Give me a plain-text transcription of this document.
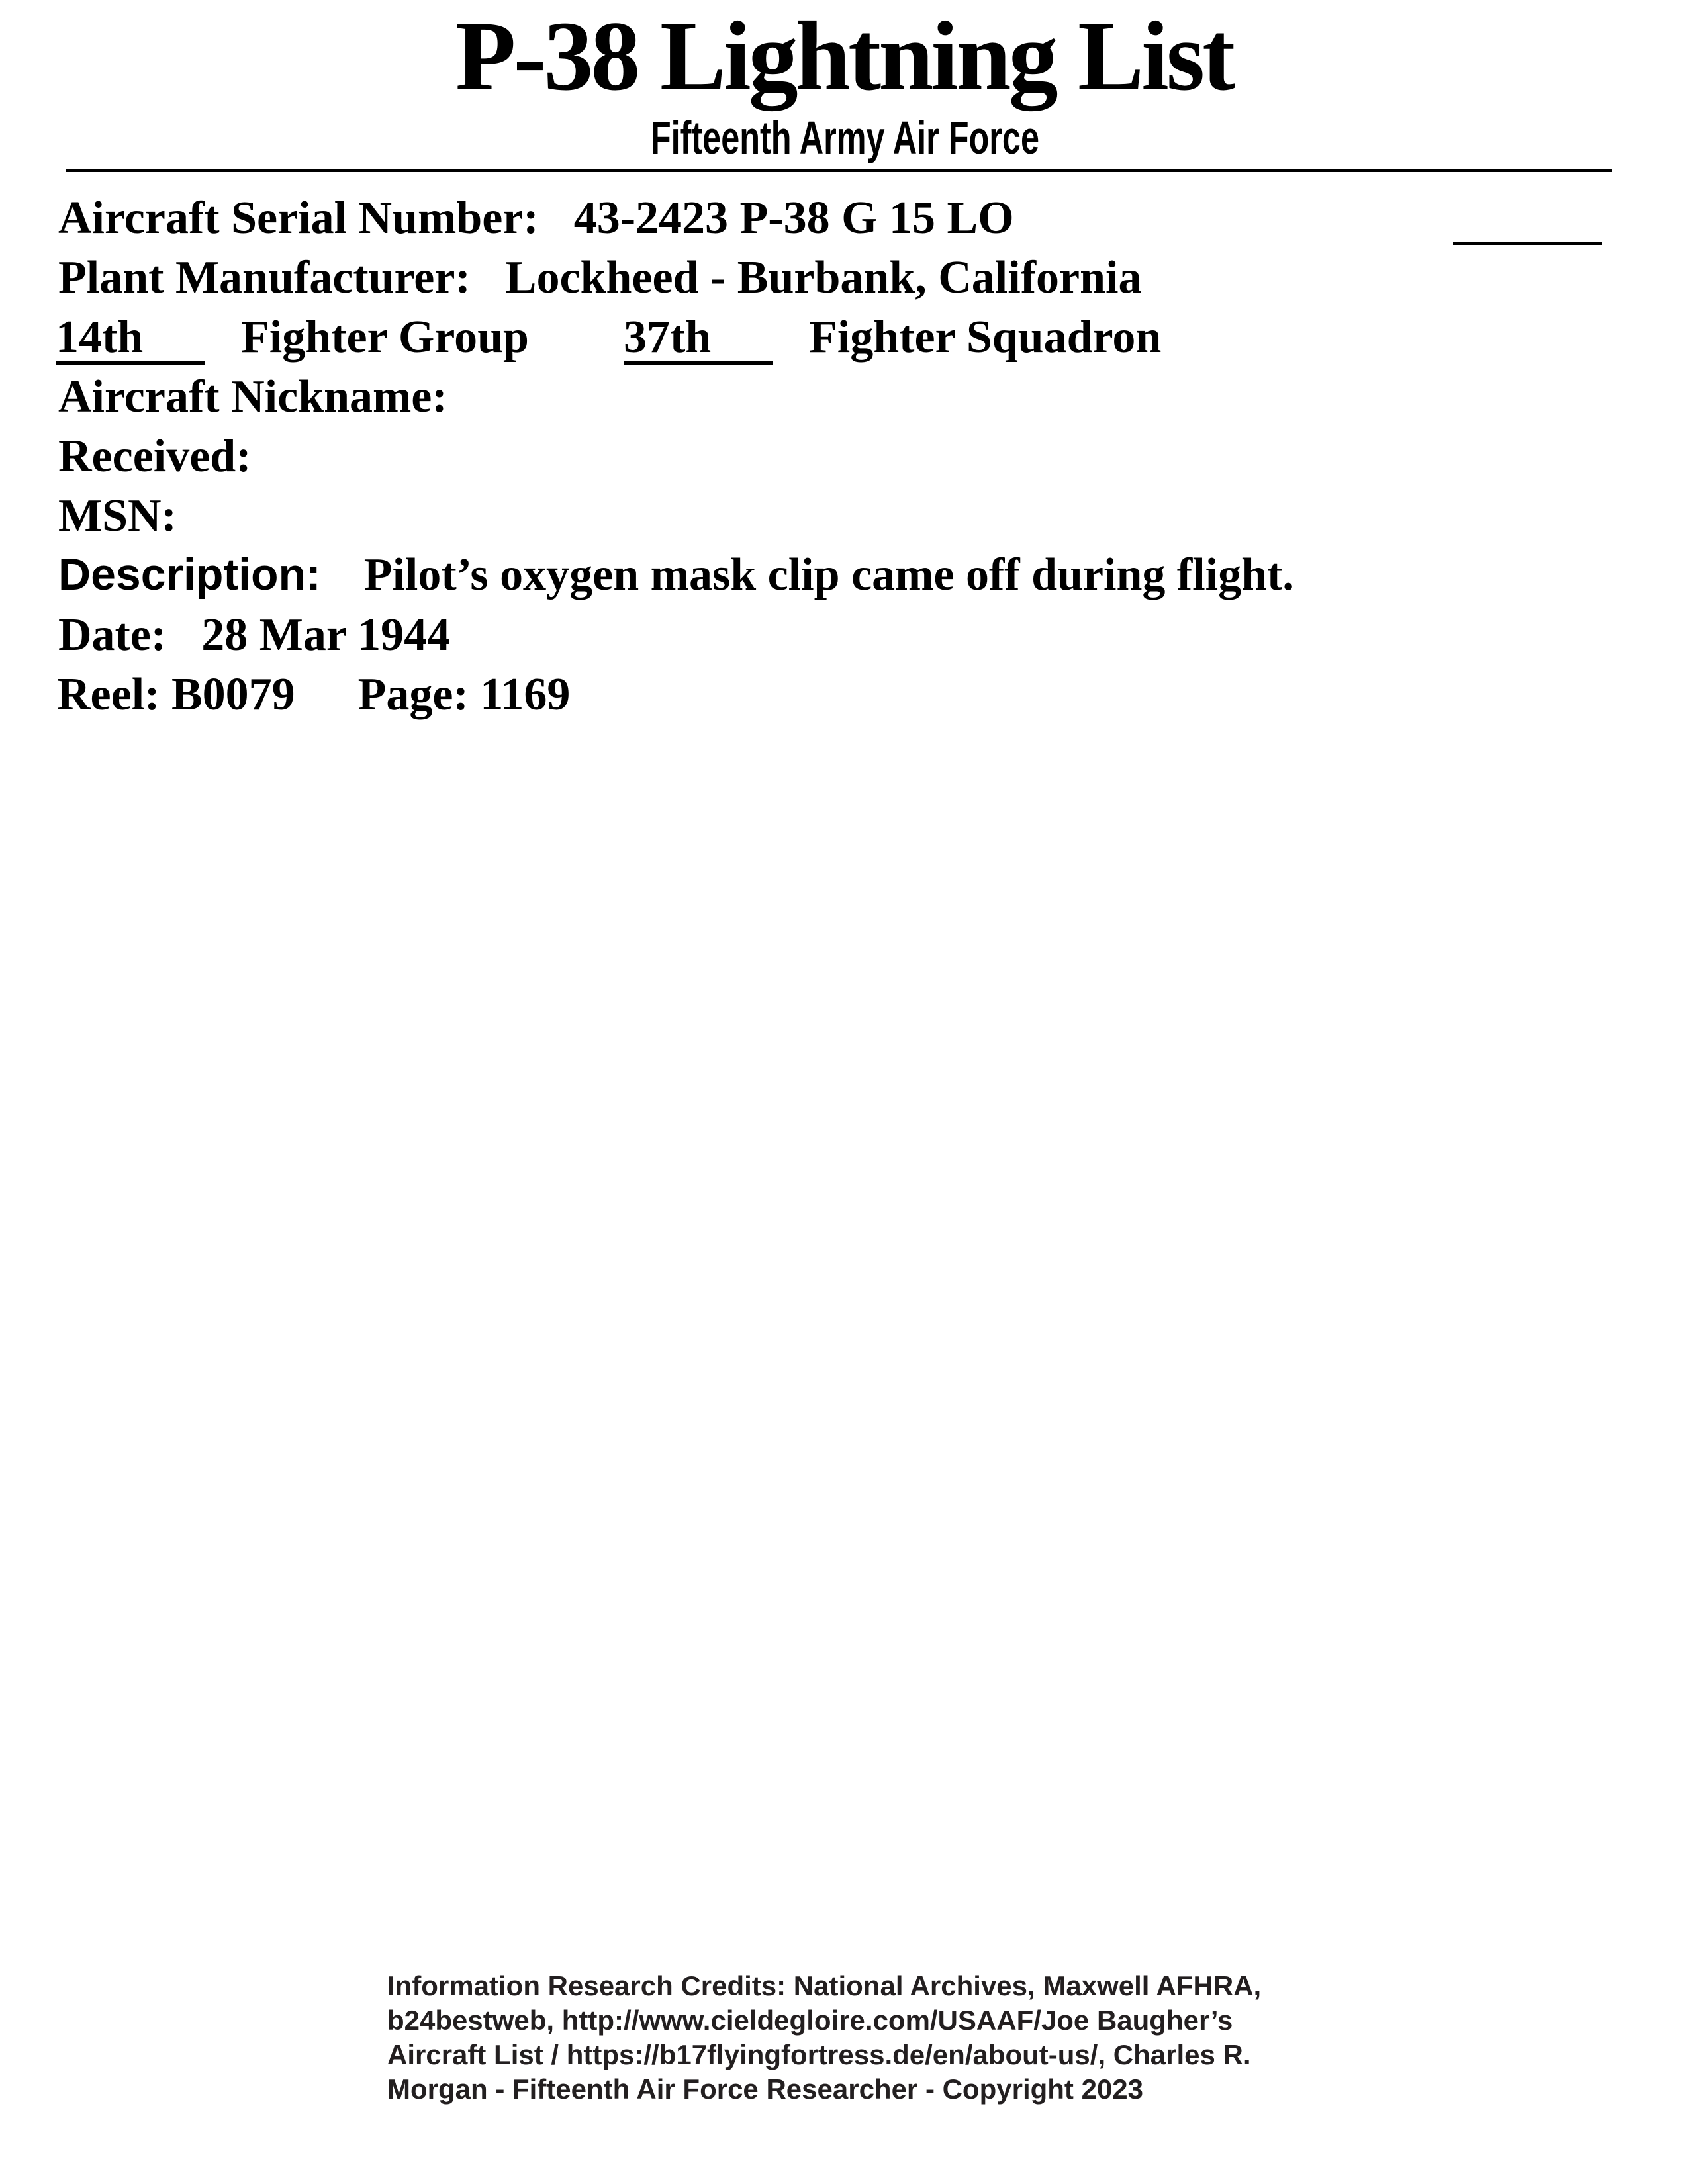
P-38 Lightning List
Fifteenth Army Air Force
Aircraft Serial Number: 43-2423 P-38 G 15 LO
Plant Manufacturer: Lockheed - Burbank, California
14th Fighter Group 37th Fighter Squadron
Aircraft Nickname:
Received:
MSN:
Description: Pilot’s oxygen mask clip came off during flight.
Date: 28 Mar 1944
Reel: B0079 Page: 1169
Information Research Credits: National Archives, Maxwell AFHRA,
b24bestweb, http://www.cieldegloire.com/USAAF/Joe Baugher’s
Aircraft List / https://b17flyingfortress.de/en/about-us/, Charles R.
Morgan - Fifteenth Air Force Researcher - Copyright 2023
